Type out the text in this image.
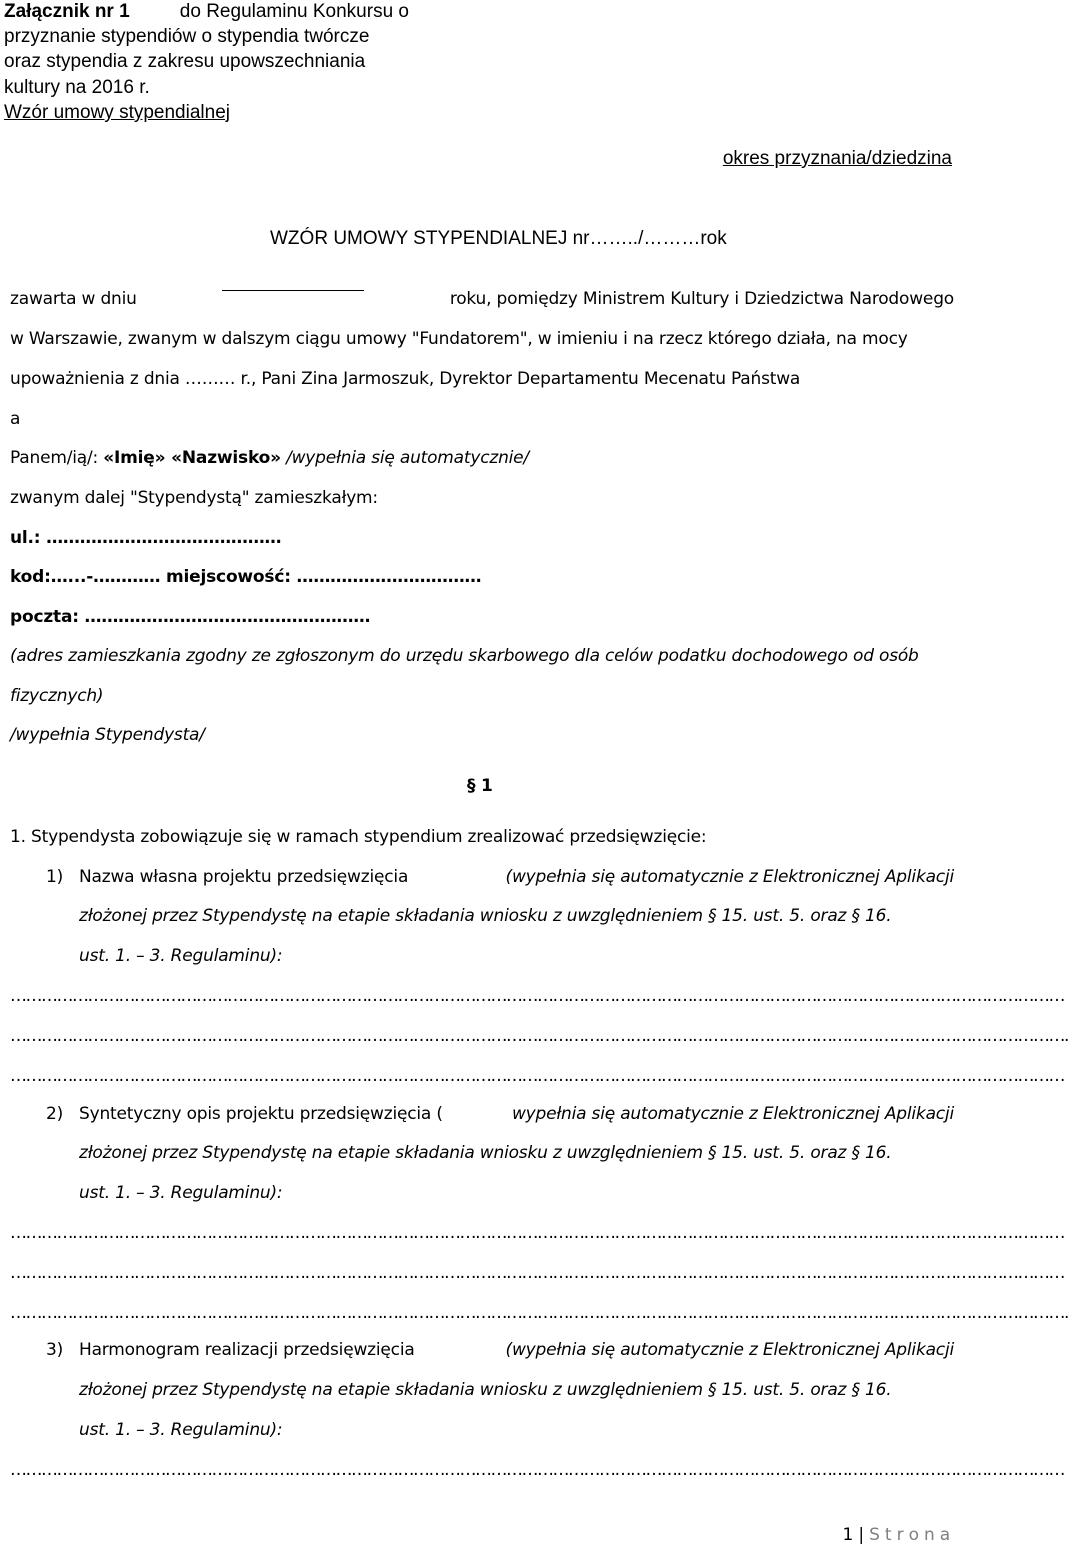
Załącznik nr 1	do Regulaminu Konkursu o
przyznanie stypendiów o stypendia twórcze
oraz stypendia z zakresu upowszechniania
kultury na 2016 r.
Wzór umowy stypendialnej
okres przyznania/dziedzina
WZÓR UMOWY STYPENDIALNEJ nr……../………rok
zawarta w dniu	roku, pomiędzy Ministrem Kultury i Dziedzictwa Narodowego
w Warszawie, zwanym w dalszym ciągu umowy "Fundatorem", w imieniu i na rzecz którego działa, na mocy
upoważnienia z dnia ……… r., Pani Zina Jarmoszuk, Dyrektor Departamentu Mecenatu Państwa
a
Panem/ią/: «Imię» «Nazwisko» /wypełnia się automatycznie/
zwanym dalej "Stypendystą" zamieszkałym:
ul.: ……………………………………
kod:…...-………… miejscowość: ……………………………
poczta: ……………………………………………
(adres zamieszkania zgodny ze zgłoszonym do urzędu skarbowego dla celów podatku dochodowego od osób
fizycznych)
/wypełnia Stypendysta/
§ 1
1. Stypendysta zobowiązuje się w ramach stypendium zrealizować przedsięwzięcie:
1) Nazwa własna projektu przedsięwzięcia	(wypełnia się automatycznie z Elektronicznej Aplikacji
złożonej przez Stypendystę na etapie składania wniosku z uwzględnieniem § 15. ust. 5. oraz § 16.
ust. 1. – 3. Regulaminu):
……………………………………………………………………………………………………………………………………………………………………………………
…………………………………………………………………………………………………………………………………………………………………………………….
……………………………………………………………………………………………………………………………………………………………………………………
2) Syntetyczny opis projektu przedsięwzięcia (	wypełnia się automatycznie z Elektronicznej Aplikacji
złożonej przez Stypendystę na etapie składania wniosku z uwzględnieniem § 15. ust. 5. oraz § 16.
ust. 1. – 3. Regulaminu):
……………………………………………………………………………………………………………………………………………………………………………………
……………………………………………………………………………………………………………………………………………………………………………………
…………………………………………………………………………………………………………………………………………………………………………………….
3) Harmonogram realizacji przedsięwzięcia	(wypełnia się automatycznie z Elektronicznej Aplikacji
złożonej przez Stypendystę na etapie składania wniosku z uwzględnieniem § 15. ust. 5. oraz § 16.
ust. 1. – 3. Regulaminu):
……………………………………………………………………………………………………………………………………………………………………………………
1 | S t r o n a
